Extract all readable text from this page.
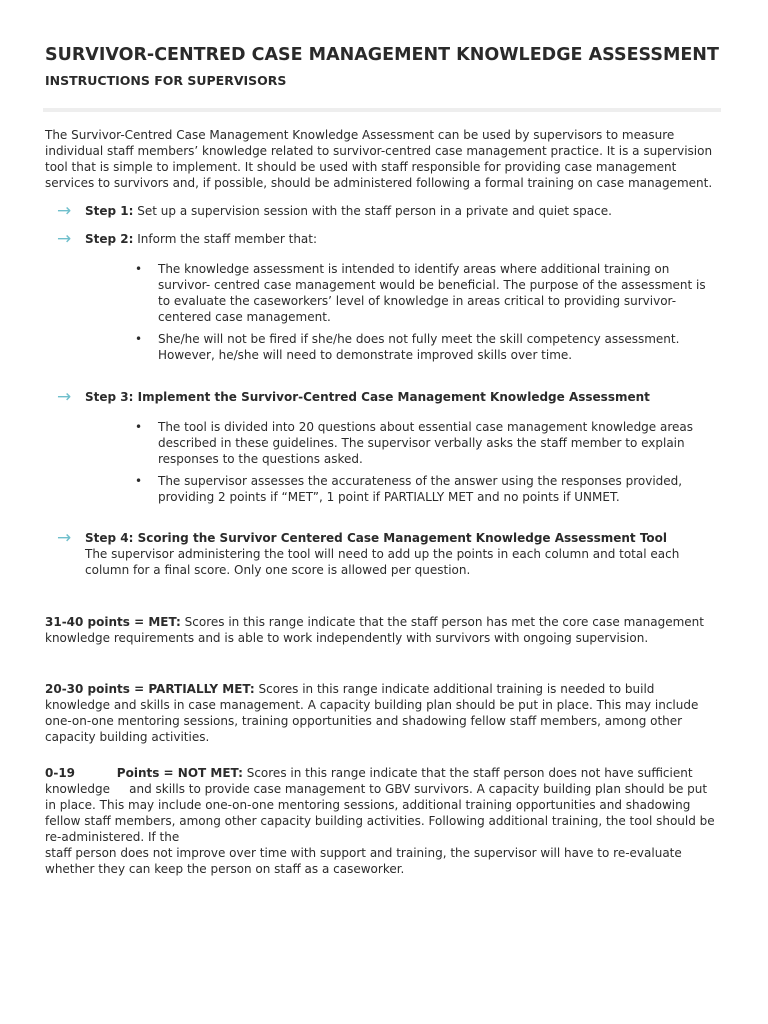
SURVIVOR-CENTRED CASE MANAGEMENT KNOWLEDGE ASSESSMENT
INSTRUCTIONS FOR SUPERVISORS

The Survivor-Centred Case Management Knowledge Assessment can be used by supervisors to measure individual staff members’ knowledge related to survivor-centred case management practice. It is a supervision tool that is simple to implement. It should be used with staff responsible for providing case management services to survivors and, if possible, should be administered following a formal training on case management.

→	Step 1: Set up a supervision session with the staff person in a private and quiet space.
→	Step 2: Inform the staff member that:
• The knowledge assessment is intended to identify areas where additional training on survivor- centred case management would be beneficial. The purpose of the assessment is to evaluate the caseworkers’ level of knowledge in areas critical to providing survivor-centered case management.
• She/he will not be fired if she/he does not fully meet the skill competency assessment. However, he/she will need to demonstrate improved skills over time.
→	Step 3: Implement the Survivor-Centred Case Management Knowledge Assessment
• The tool is divided into 20 questions about essential case management knowledge areas described in these guidelines. The supervisor verbally asks the staff member to explain responses to the questions asked.
• The supervisor assesses the accurateness of the answer using the responses provided, providing 2 points if “MET”, 1 point if PARTIALLY MET and no points if UNMET.
→	Step 4: Scoring the Survivor Centered Case Management Knowledge Assessment Tool
The supervisor administering the tool will need to add up the points in each column and total each column for a final score. Only one score is allowed per question.

31-40 points = MET: Scores in this range indicate that the staff person has met the core case management knowledge requirements and is able to work independently with survivors with ongoing supervision.

20-30 points = PARTIALLY MET: Scores in this range indicate additional training is needed to build knowledge and skills in case management. A capacity building plan should be put in place. This may include one-on-one mentoring sessions, training opportunities and shadowing fellow staff members, among other capacity building activities.

0-19          Points = NOT MET: Scores in this range indicate that the staff person does not have sufficient knowledge     and skills to provide case management to GBV survivors. A capacity building plan should be put in place. This may include one-on-one mentoring sessions, additional training opportunities and shadowing fellow staff members, among other capacity building activities. Following additional training, the tool should be re-administered. If the
staff person does not improve over time with support and training, the supervisor will have to re-evaluate whether they can keep the person on staff as a caseworker.
